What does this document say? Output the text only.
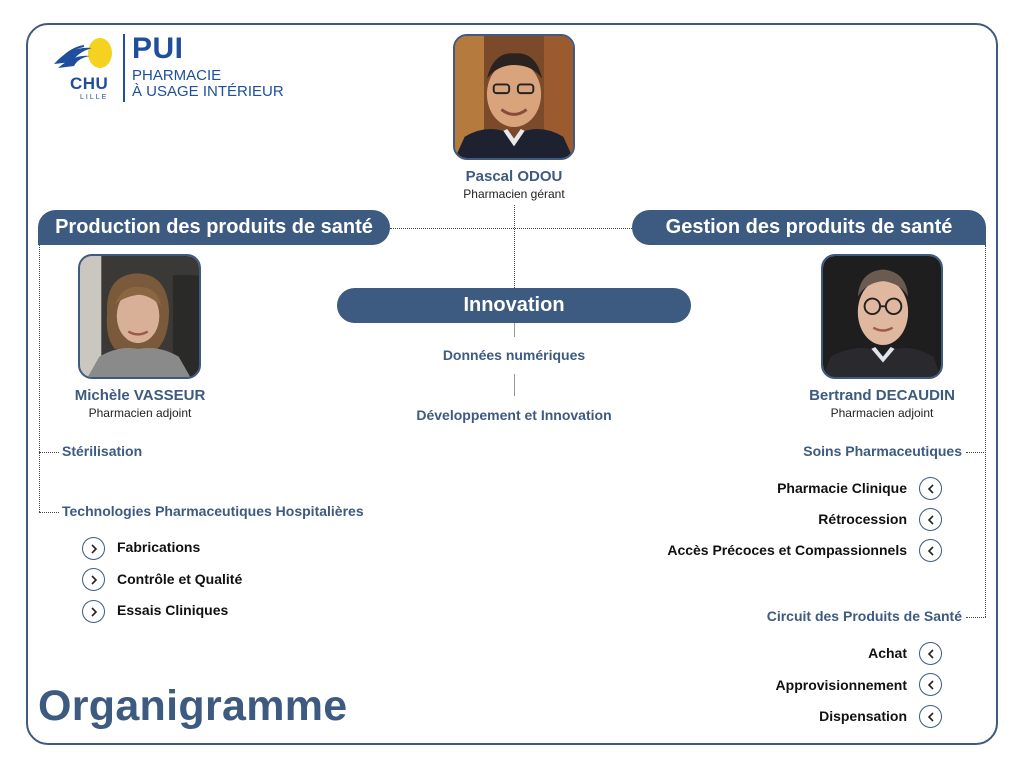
CHU
LILLE
PUI
PHARMACIE
À USAGE INTÉRIEUR
Pascal ODOU
Pharmacien gérant
Production des produits de santé	Gestion des produits de santé
Innovation
Michèle VASSEUR
Pharmacien adjoint
Bertrand DECAUDIN
Pharmacien adjoint
Données numériques
Développement et Innovation
Stérilisation
Technologies Pharmaceutiques Hospitalières
Fabrications
Contrôle et Qualité
Essais Cliniques
Soins Pharmaceutiques
Pharmacie Clinique
Rétrocession
Accès Précoces et Compassionnels
Circuit des Produits de Santé
Achat
Approvisionnement
Dispensation
Organigramme
